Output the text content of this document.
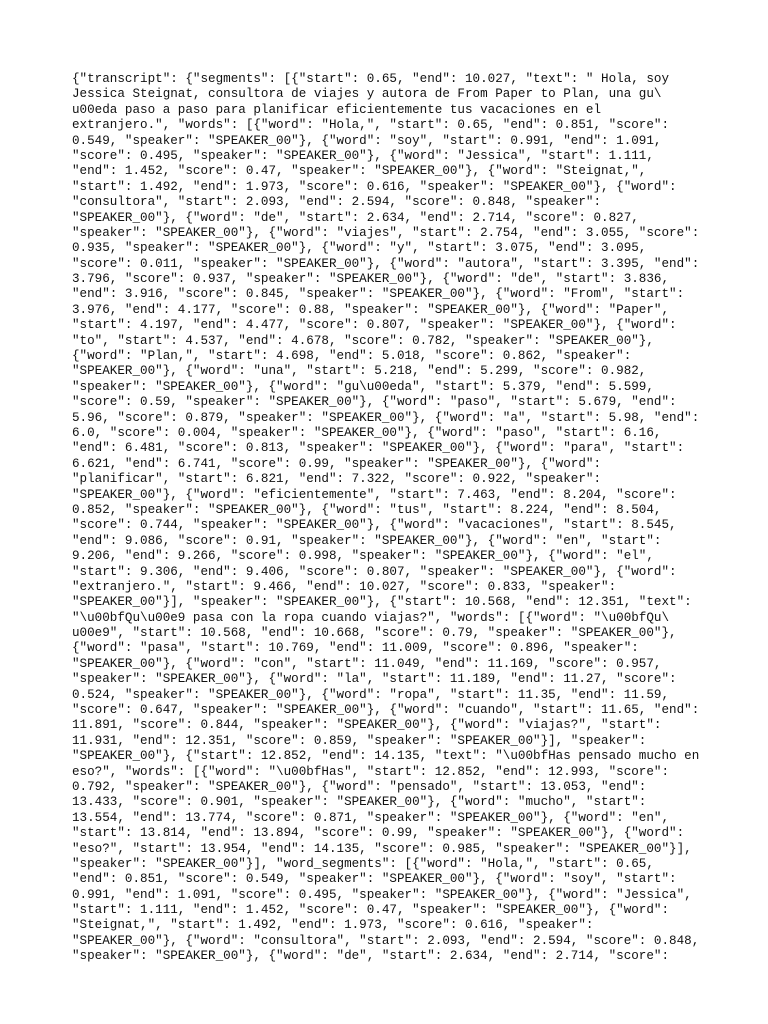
{"transcript": {"segments": [{"start": 0.65, "end": 10.027, "text": " Hola, soy
Jessica Steignat, consultora de viajes y autora de From Paper to Plan, una gu\
u00eda paso a paso para planificar eficientemente tus vacaciones en el
extranjero.", "words": [{"word": "Hola,", "start": 0.65, "end": 0.851, "score":
0.549, "speaker": "SPEAKER_00"}, {"word": "soy", "start": 0.991, "end": 1.091,
"score": 0.495, "speaker": "SPEAKER_00"}, {"word": "Jessica", "start": 1.111,
"end": 1.452, "score": 0.47, "speaker": "SPEAKER_00"}, {"word": "Steignat,",
"start": 1.492, "end": 1.973, "score": 0.616, "speaker": "SPEAKER_00"}, {"word":
"consultora", "start": 2.093, "end": 2.594, "score": 0.848, "speaker":
"SPEAKER_00"}, {"word": "de", "start": 2.634, "end": 2.714, "score": 0.827,
"speaker": "SPEAKER_00"}, {"word": "viajes", "start": 2.754, "end": 3.055, "score":
0.935, "speaker": "SPEAKER_00"}, {"word": "y", "start": 3.075, "end": 3.095,
"score": 0.011, "speaker": "SPEAKER_00"}, {"word": "autora", "start": 3.395, "end":
3.796, "score": 0.937, "speaker": "SPEAKER_00"}, {"word": "de", "start": 3.836,
"end": 3.916, "score": 0.845, "speaker": "SPEAKER_00"}, {"word": "From", "start":
3.976, "end": 4.177, "score": 0.88, "speaker": "SPEAKER_00"}, {"word": "Paper",
"start": 4.197, "end": 4.477, "score": 0.807, "speaker": "SPEAKER_00"}, {"word":
"to", "start": 4.537, "end": 4.678, "score": 0.782, "speaker": "SPEAKER_00"},
{"word": "Plan,", "start": 4.698, "end": 5.018, "score": 0.862, "speaker":
"SPEAKER_00"}, {"word": "una", "start": 5.218, "end": 5.299, "score": 0.982,
"speaker": "SPEAKER_00"}, {"word": "gu\u00eda", "start": 5.379, "end": 5.599,
"score": 0.59, "speaker": "SPEAKER_00"}, {"word": "paso", "start": 5.679, "end":
5.96, "score": 0.879, "speaker": "SPEAKER_00"}, {"word": "a", "start": 5.98, "end":
6.0, "score": 0.004, "speaker": "SPEAKER_00"}, {"word": "paso", "start": 6.16,
"end": 6.481, "score": 0.813, "speaker": "SPEAKER_00"}, {"word": "para", "start":
6.621, "end": 6.741, "score": 0.99, "speaker": "SPEAKER_00"}, {"word":
"planificar", "start": 6.821, "end": 7.322, "score": 0.922, "speaker":
"SPEAKER_00"}, {"word": "eficientemente", "start": 7.463, "end": 8.204, "score":
0.852, "speaker": "SPEAKER_00"}, {"word": "tus", "start": 8.224, "end": 8.504,
"score": 0.744, "speaker": "SPEAKER_00"}, {"word": "vacaciones", "start": 8.545,
"end": 9.086, "score": 0.91, "speaker": "SPEAKER_00"}, {"word": "en", "start":
9.206, "end": 9.266, "score": 0.998, "speaker": "SPEAKER_00"}, {"word": "el",
"start": 9.306, "end": 9.406, "score": 0.807, "speaker": "SPEAKER_00"}, {"word":
"extranjero.", "start": 9.466, "end": 10.027, "score": 0.833, "speaker":
"SPEAKER_00"}], "speaker": "SPEAKER_00"}, {"start": 10.568, "end": 12.351, "text":
"\u00bfQu\u00e9 pasa con la ropa cuando viajas?", "words": [{"word": "\u00bfQu\
u00e9", "start": 10.568, "end": 10.668, "score": 0.79, "speaker": "SPEAKER_00"},
{"word": "pasa", "start": 10.769, "end": 11.009, "score": 0.896, "speaker":
"SPEAKER_00"}, {"word": "con", "start": 11.049, "end": 11.169, "score": 0.957,
"speaker": "SPEAKER_00"}, {"word": "la", "start": 11.189, "end": 11.27, "score":
0.524, "speaker": "SPEAKER_00"}, {"word": "ropa", "start": 11.35, "end": 11.59,
"score": 0.647, "speaker": "SPEAKER_00"}, {"word": "cuando", "start": 11.65, "end":
11.891, "score": 0.844, "speaker": "SPEAKER_00"}, {"word": "viajas?", "start":
11.931, "end": 12.351, "score": 0.859, "speaker": "SPEAKER_00"}], "speaker":
"SPEAKER_00"}, {"start": 12.852, "end": 14.135, "text": "\u00bfHas pensado mucho en
eso?", "words": [{"word": "\u00bfHas", "start": 12.852, "end": 12.993, "score":
0.792, "speaker": "SPEAKER_00"}, {"word": "pensado", "start": 13.053, "end":
13.433, "score": 0.901, "speaker": "SPEAKER_00"}, {"word": "mucho", "start":
13.554, "end": 13.774, "score": 0.871, "speaker": "SPEAKER_00"}, {"word": "en",
"start": 13.814, "end": 13.894, "score": 0.99, "speaker": "SPEAKER_00"}, {"word":
"eso?", "start": 13.954, "end": 14.135, "score": 0.985, "speaker": "SPEAKER_00"}],
"speaker": "SPEAKER_00"}], "word_segments": [{"word": "Hola,", "start": 0.65,
"end": 0.851, "score": 0.549, "speaker": "SPEAKER_00"}, {"word": "soy", "start":
0.991, "end": 1.091, "score": 0.495, "speaker": "SPEAKER_00"}, {"word": "Jessica",
"start": 1.111, "end": 1.452, "score": 0.47, "speaker": "SPEAKER_00"}, {"word":
"Steignat,", "start": 1.492, "end": 1.973, "score": 0.616, "speaker":
"SPEAKER_00"}, {"word": "consultora", "start": 2.093, "end": 2.594, "score": 0.848,
"speaker": "SPEAKER_00"}, {"word": "de", "start": 2.634, "end": 2.714, "score":
